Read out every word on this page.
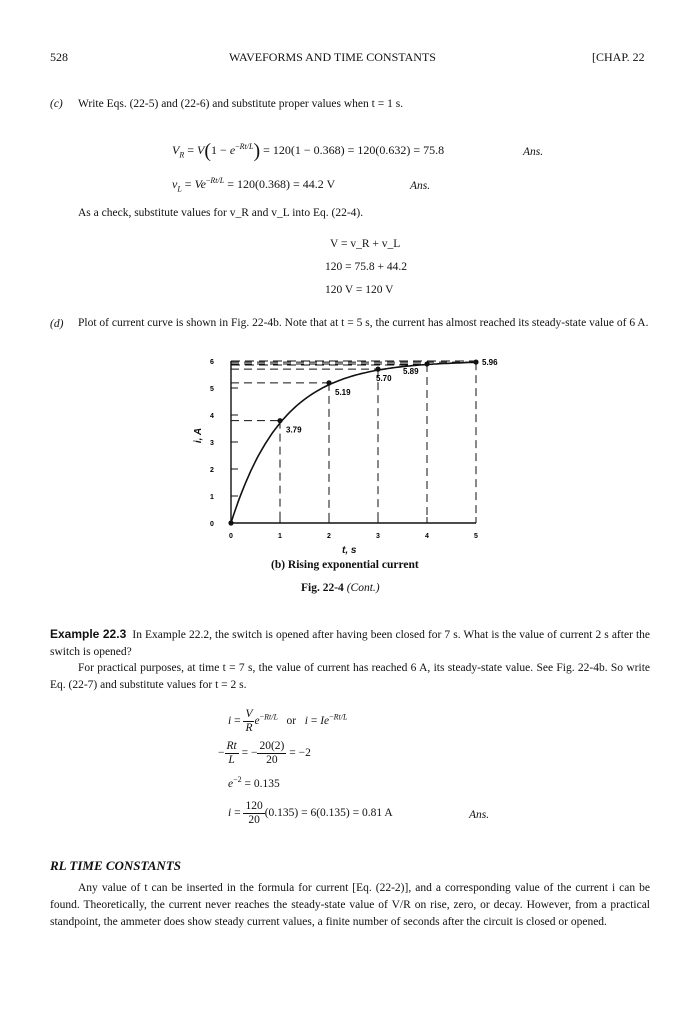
528	WAVEFORMS AND TIME CONSTANTS	[CHAP. 22
(c) Write Eqs. (22-5) and (22-6) and substitute proper values when t = 1 s.
$V_R = V(1 - e^{-Rt/L}) = 120(1 - 0.368) = 120(0.632) = 75.8$	Ans.
$v_L = Ve^{-Rt/L} = 120(0.368) = 44.2$ V	Ans.
As a check, substitute values for v_R and v_L into Eq. (22-4).
V = v_R + v_L
120 = 75.8 + 44.2
120 V = 120 V
(d) Plot of current curve is shown in Fig. 22-4b. Note that at t = 5 s, the current has almost reached its steady-state value of 6 A.
0
1
2
3
4
5
6
0	1	2	3	4	5
3.79
5.19
5.70
5.89
5.96
i, A
t, s
(b) Rising exponential current
Fig. 22-4 (Cont.)
Example 22.3 In Example 22.2, the switch is opened after having been closed for 7 s. What is the value of current 2 s after the switch is opened?
For practical purposes, at time t = 7 s, the value of current has reached 6 A, its steady-state value. See Fig. 22-4b. So write Eq. (22-7) and substitute values for t = 2 s.
$i = \frac{V}{R} e^{-Rt/L}$ or $i = Ie^{-Rt/L}$
− $\frac{Rt}{L}$ = − $\frac{20(2)}{20} = -2$
$e^{-2} = 0.135$
$i = \frac{120}{20} (0.135) = 6(0.135) = 0.81$ A	Ans.
RL TIME CONSTANTS
Any value of t can be inserted in the formula for current [Eq. (22-2)], and a corresponding value of the current i can be found. Theoretically, the current never reaches the steady-state value of V/R on rise, zero, or decay. However, from a practical standpoint, the ammeter does show steady current values, a finite number of seconds after the circuit is closed or opened.
